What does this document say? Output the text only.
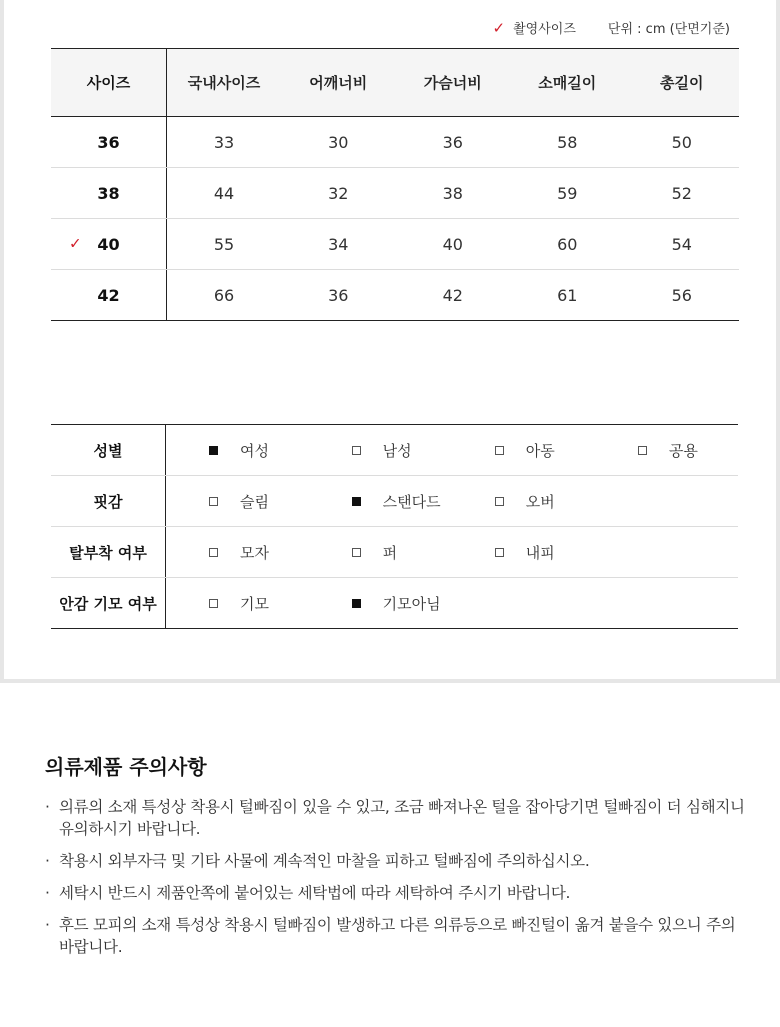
✓ 촬영사이즈 단위 : cm (단면기준)
사이즈	국내사이즈	어깨너비	가슴너비	소매길이	총길이
36	33	30	36	58	50
38	44	32	38	59	52

✓ 40	55	34	40	60	54
42	66	36	42	61	56
성별	여성	남성	아동	공용
핏감	슬림	스탠다드	오버	
탈부착 여부	모자	퍼	내피	
안감 기모 여부	기모	기모아님		
의류제품 주의사항
· 의류의 소재 특성상 착용시 털빠짐이 있을 수 있고, 조금 빠져나온 털을 잡아당기면 털빠짐이 더 심해지니 유의하시기 바랍니다.
· 착용시 외부자극 및 기타 사물에 계속적인 마찰을 피하고 털빠짐에 주의하십시오.
· 세탁시 반드시 제품안쪽에 붙어있는 세탁법에 따라 세탁하여 주시기 바랍니다.
· 후드 모피의 소재 특성상 착용시 털빠짐이 발생하고 다른 의류등으로 빠진털이 옮겨 붙을수 있으니 주의 바랍니다.
